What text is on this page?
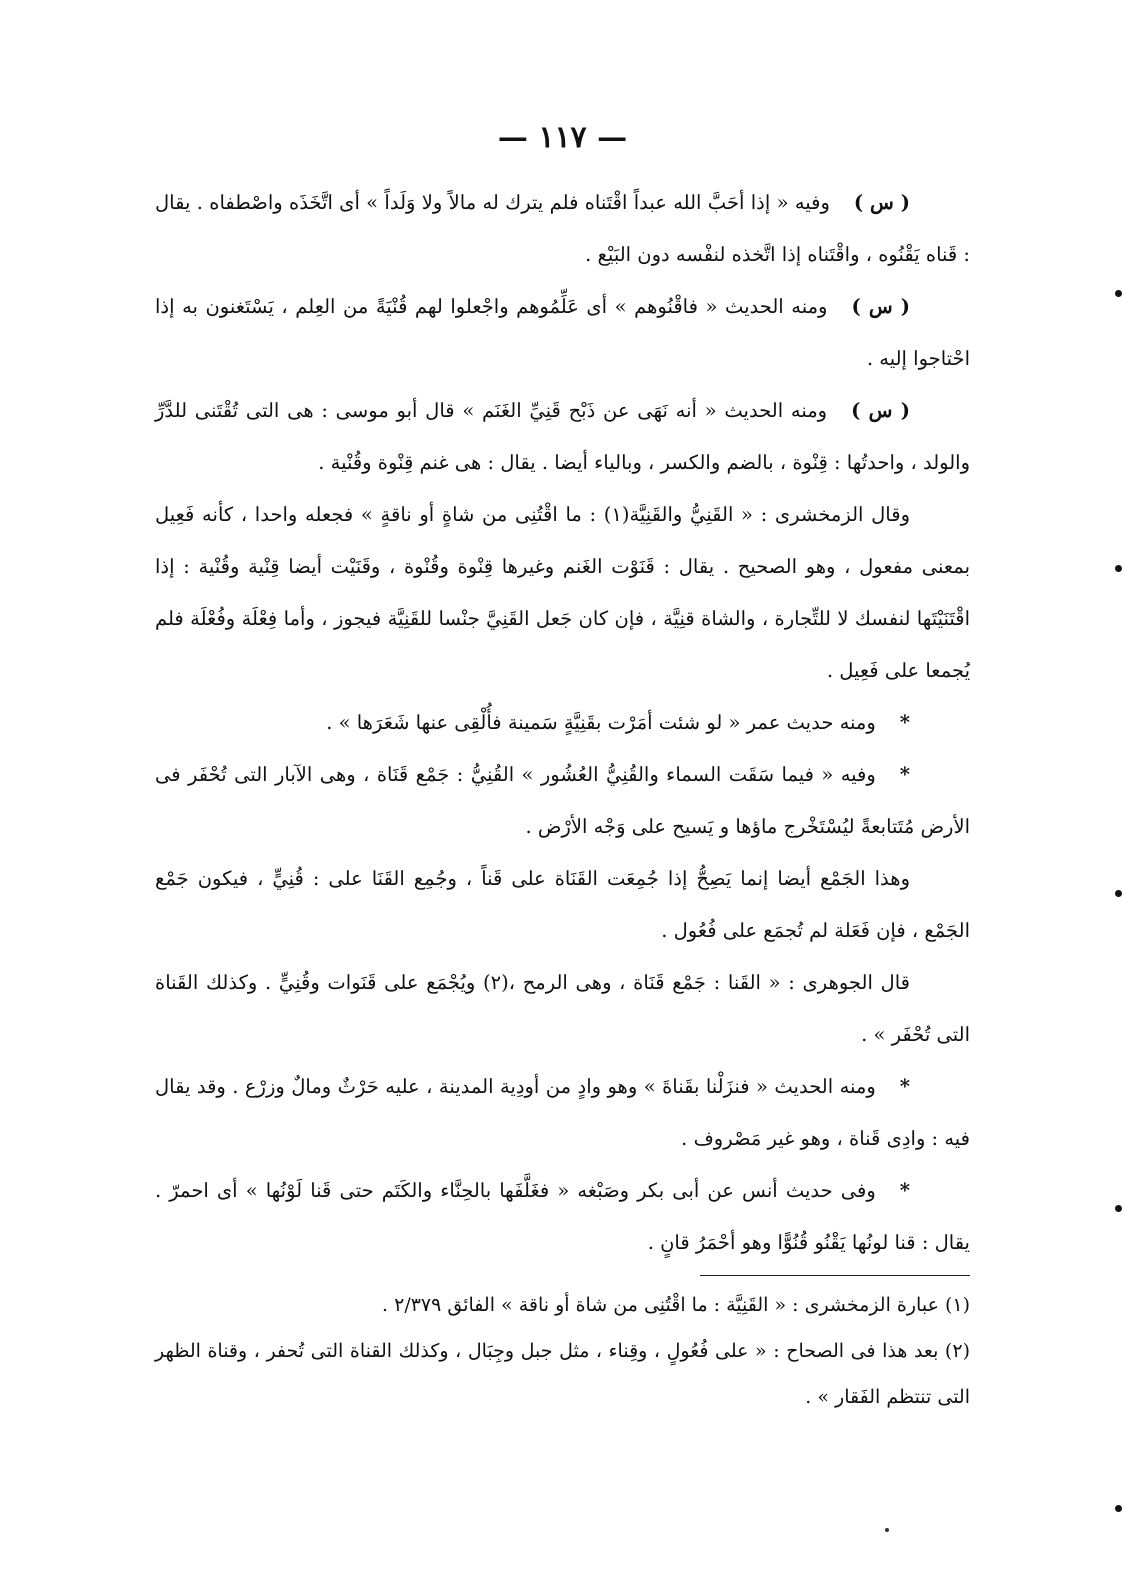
— ١١٧ —

( س )وفيه « إذا أحَبَّ الله عبداً اقْتَناه فلم يترك له مالاً ولا وَلَداً » أى اتَّخَذَه واصْطفاه . يقال : قَناه يَقْنُوه ، واقْتَناه إذا اتَّخذه لنفْسه دون البَيْع .

( س )ومنه الحديث « فاقْنُوهم » أى عَلِّمُوهم واجْعلوا لهم قُنْيَةً من العِلم ، يَسْتَغنون به إذا احْتاجوا إليه .

( س )ومنه الحديث « أنه نَهَى عن ذَبْح قَنِيِّ الغَنَم » قال أبو موسى : هى التى تُقْتَنى للدَّرِّ والولد ، واحدتُها : قِنْوة ، بالضم والكسر ، وبالياء أيضا . يقال : هى غنم قِنْوة وقُنْية .

وقال الزمخشرى : « القَنِيُّ والقَنِيَّة(١) : ما اقْتُنِى من شاةٍ أو ناقةٍ » فجعله واحدا ، كأنه فَعِيل بمعنى مفعول ، وهو الصحيح . يقال : قَنَوْت الغَنم وغيرها قِنْوة وقُنْوة ، وقَنَيْت أيضا قِنْية وقُنْية : إذا اقْتَنَيْتَها لنفسك لا للتِّجارة ، والشاة قنِيَّة ، فإن كان جَعل القَنِيَّ جنْسا للقَنِيَّة فيجوز ، وأما فِعْلَة وفُعْلَة فلم يُجمعا على فَعِيل .

*ومنه حديث عمر « لو شئت أمَرْت بقَنِيَّةٍ سَمينة فأُلْقِى عنها شَعَرَها » .

*وفيه « فيما سَقَت السماء والقُنِيُّ العُشُور » القُنِيُّ : جَمْع قَنَاة ، وهى الآبار التى تُحْفَر فى الأرض مُتَتابعةً ليُسْتَخْرج ماؤها و يَسيح على وَجْه الأرْض .

وهذا الجَمْع أيضا إنما يَصِحُّ إذا جُمِعَت القَنَاة على قَناً ، وجُمِع القَنَا على : قُنِيٍّ ، فيكون جَمْع الجَمْع ، فإن فَعَلة لم تُجمَع على فُعُول .

قال الجوهرى : « القَنا : جَمْع قَنَاة ، وهى الرمح ،(٢) ويُجْمَع على قَنَوات وقُنِيٍّ . وكذلك القَناة التى تُحْفَر » .

*ومنه الحديث « فنزَلْنا بقَناةَ » وهو وادٍ من أودِية المدينة ، عليه حَرْثٌ ومالٌ وزرْع . وقد يقال فيه : وادِى قَناة ، وهو غير مَصْروف .

*وفى حديث أنس عن أبى بكر وصَبْغه « فغَلَّفَها بالحِنَّاء والكَتَم حتى قَنا لَوْنُها » أى احمرّ . يقال : قنا لونُها يَقْنُو قُنُوًّا وهو أحْمَرُ قانٍ .

(١) عبارة الزمخشرى : « القَنِيَّة : ما اقْتُنِى من شاة أو ناقة » الفائق ٢/٣٧٩ .

(٢) بعد هذا فى الصحاح : « على فُعُولٍ ، وقِناء ، مثل جبل وجِبَال ، وكذلك القناة التى تُحفر ، وقناة الظهر التى تنتظم الفَقار » .
